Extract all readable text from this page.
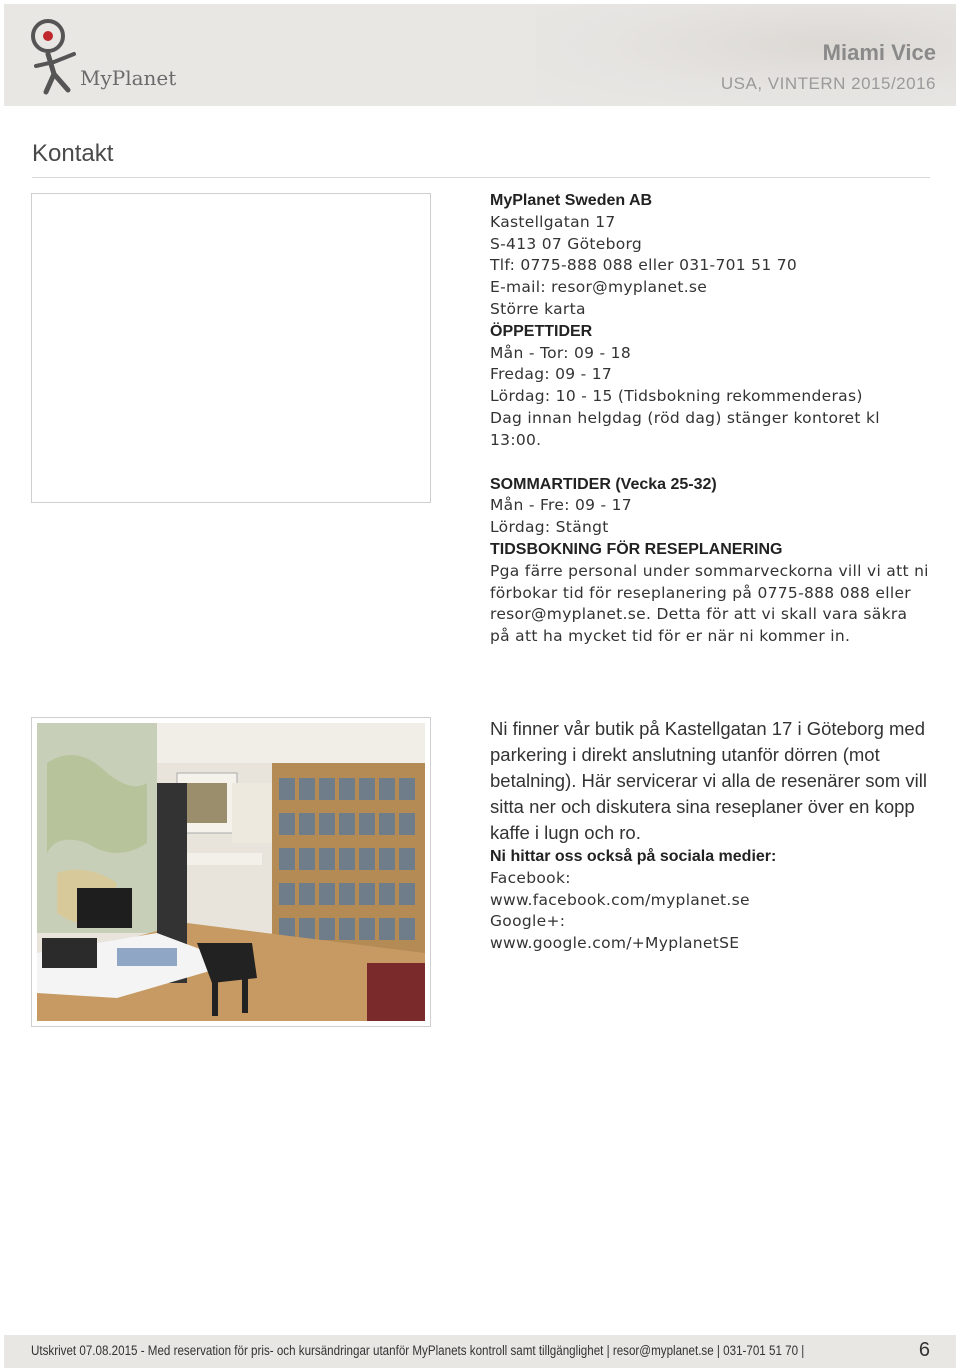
MyPlanet
Miami Vice
USA, VINTERN 2015/2016
Kontakt
MyPlanet Sweden AB
Kastellgatan 17
S-413 07 Göteborg
Tlf: 0775-888 088 eller 031-701 51 70
E-mail: resor@myplanet.se
Större karta
ÖPPETTIDER
Mån - Tor: 09 - 18
Fredag: 09 - 17
Lördag: 10 - 15 (Tidsbokning rekommenderas)
Dag innan helgdag (röd dag) stänger kontoret kl 13:00.
SOMMARTIDER (Vecka 25-32)
Mån - Fre: 09 - 17
Lördag: Stängt
TIDSBOKNING FÖR RESEPLANERING
Pga färre personal under sommarveckorna vill vi att ni förbokar tid för reseplanering på 0775-888 088 eller resor@myplanet.se. Detta för att vi skall vara säkra på att ha mycket tid för er när ni kommer in.
Ni finner vår butik på Kastellgatan 17 i Göteborg med parkering i direkt anslutning utanför dörren (mot betalning). Här servicerar vi alla de resenärer som vill sitta ner och diskutera sina reseplaner över en kopp kaffe i lugn och ro.
Ni hittar oss också på sociala medier:
Facebook:
www.facebook.com/myplanet.se
Google+:
www.google.com/+MyplanetSE
Utskrivet 07.08.2015 - Med reservation för pris- och kursändringar utanför MyPlanets kontroll samt tillgänglighet | resor@myplanet.se | 031-701 51 70 |	6
